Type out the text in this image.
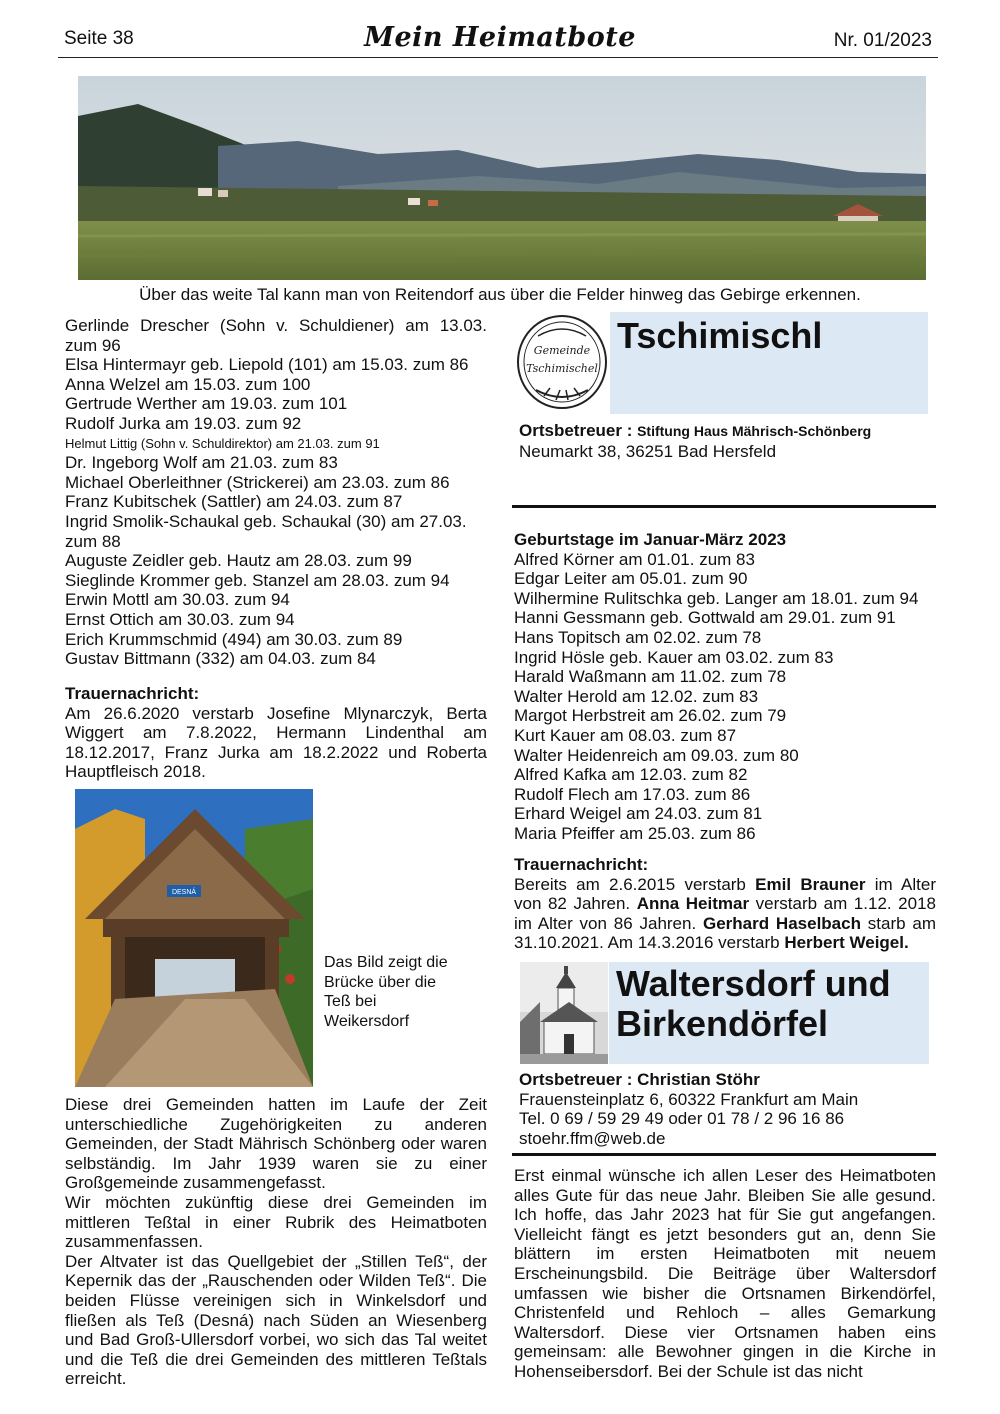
Seite 38	Mein Heimatbote	Nr. 01/2023
Über das weite Tal kann man von Reitendorf aus über die Felder hinweg das Gebirge erkennen.
Gerlinde Drescher (Sohn v. Schuldiener) am 13.03.
zum 96
Elsa Hintermayr geb. Liepold (101) am 15.03. zum 86
Anna Welzel am 15.03. zum 100
Gertrude Werther am 19.03. zum 101
Rudolf Jurka am 19.03. zum 92
Helmut Littig (Sohn v. Schuldirektor) am 21.03. zum 91
Dr. Ingeborg Wolf am 21.03. zum 83
Michael Oberleithner (Strickerei) am 23.03. zum 86
Franz Kubitschek (Sattler) am 24.03. zum 87
Ingrid Smolik-Schaukal geb. Schaukal (30) am 27.03.
zum 88
Auguste Zeidler geb. Hautz am 28.03. zum 99
Sieglinde Krommer geb. Stanzel am 28.03. zum 94
Erwin Mottl am 30.03. zum 94
Ernst Ottich am 30.03. zum 94
Erich Krummschmid (494) am 30.03. zum 89
Gustav Bittmann (332) am 04.03. zum 84
Trauernachricht:
Am 26.6.2020 verstarb Josefine Mlynarczyk, Berta Wiggert am 7.8.2022, Hermann Lindenthal am 18.12.2017, Franz Jurka am 18.2.2022 und Roberta Hauptfleisch 2018.
DESNÁ
Das Bild zeigt die Brücke über die Teß bei Weikersdorf

Diese drei Gemeinden hatten im Laufe der Zeit unterschiedliche Zugehörigkeiten zu anderen Gemeinden, der Stadt Mährisch Schönberg oder waren selbständig. Im Jahr 1939 waren sie zu einer Großgemeinde zusammengefasst.

Wir möchten zukünftig diese drei Gemeinden im mittleren Teßtal in einer Rubrik des Heimatboten zusammenfassen.

Der Altvater ist das Quellgebiet der „Stillen Teß“, der Kepernik das der „Rauschenden oder Wilden Teß“. Die beiden Flüsse vereinigen sich in Winkelsdorf und fließen als Teß (Desná) nach Süden an Wiesenberg und Bad Groß-Ullersdorf vorbei, wo sich das Tal weitet und die Teß die drei Gemeinden des mittleren Teßtals erreicht.

Gemeinde
Tschimischel
Tschimischl
Ortsbetreuer : Stiftung Haus Mährisch-Schönberg
Neumarkt 38, 36251 Bad Hersfeld
Geburtstage im Januar-März 2023
Alfred Körner am 01.01. zum 83
Edgar Leiter am 05.01. zum 90
Wilhermine Rulitschka geb. Langer am 18.01. zum 94
Hanni Gessmann geb. Gottwald am 29.01. zum 91
Hans Topitsch am 02.02. zum 78
Ingrid Hösle geb. Kauer am 03.02. zum 83
Harald Waßmann am 11.02. zum 78
Walter Herold am 12.02. zum 83
Margot Herbstreit am 26.02. zum 79
Kurt Kauer am 08.03. zum 87
Walter Heidenreich am 09.03. zum 80
Alfred Kafka am 12.03. zum 82
Rudolf Flech am 17.03. zum 86
Erhard Weigel am 24.03. zum 81
Maria Pfeiffer am 25.03. zum 86
Trauernachricht:
Bereits am 2.6.2015 verstarb Emil Brauner im Alter von 82 Jahren. Anna Heitmar verstarb am 1.12. 2018 im Alter von 86 Jahren. Gerhard Haselbach starb am 31.10.2021. Am 14.3.2016 verstarb Herbert Weigel.
Waltersdorf und
Birkendörfel
Ortsbetreuer : Christian Stöhr
Frauensteinplatz 6, 60322 Frankfurt am Main
Tel. 0 69 / 59 29 49 oder 01 78 / 2 96 16 86
stoehr.ffm@web.de
Erst einmal wünsche ich allen Leser des Heimatboten alles Gute für das neue Jahr. Bleiben Sie alle gesund. Ich hoffe, das Jahr 2023 hat für Sie gut angefangen. Vielleicht fängt es jetzt besonders gut an, denn Sie blättern im ersten Heimatboten mit neuem Erscheinungsbild. Die Beiträge über Waltersdorf umfassen wie bisher die Ortsnamen Birkendörfel, Christenfeld und Rehloch – alles Gemarkung Waltersdorf. Diese vier Ortsnamen haben eins gemeinsam: alle Bewohner gingen in die Kirche in Hohenseibersdorf. Bei der Schule ist das nicht
